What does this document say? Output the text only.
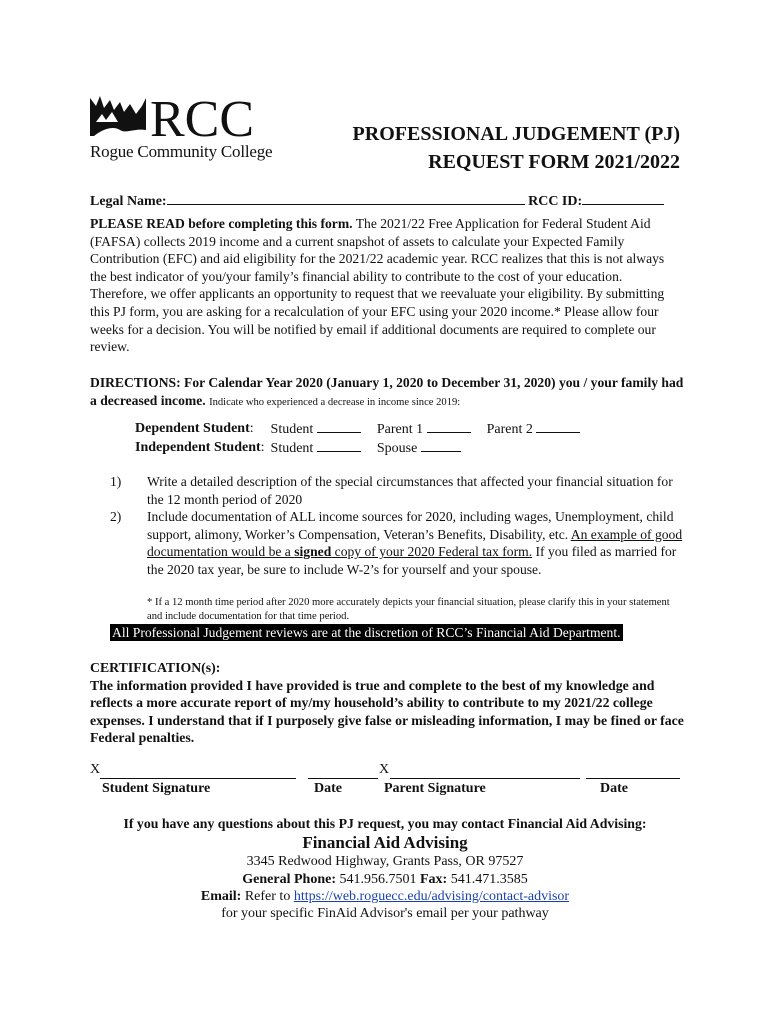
RCC
Rogue Community College
PROFESSIONAL JUDGEMENT (PJ)
REQUEST FORM 2021/2022
Legal Name:	RCC ID:
PLEASE READ before completing this form. The 2021/22 Free Application for Federal Student Aid (FAFSA) collects 2019 income and a current snapshot of assets to calculate your Expected Family Contribution (EFC) and aid eligibility for the 2021/22 academic year. RCC realizes that this is not always the best indicator of you/your family’s financial ability to contribute to the cost of your education. Therefore, we offer applicants an opportunity to request that we reevaluate your eligibility. By submitting this PJ form, you are asking for a recalculation of your EFC using your 2020 income.* Please allow four weeks for a decision. You will be notified by email if additional documents are required to complete our review.
DIRECTIONS: For Calendar Year 2020 (January 1, 2020 to December 31, 2020) you / your family had a decreased income. Indicate who experienced a decrease in income since 2019:
Dependent Student:	Student	Parent 1	Parent 2
Independent Student:	Student	Spouse	
1) Write a detailed description of the special circumstances that affected your financial situation for the 12 month period of 2020
2) Include documentation of ALL income sources for 2020, including wages, Unemployment, child support, alimony, Worker’s Compensation, Veteran’s Benefits, Disability, etc. An example of good documentation would be a signed copy of your 2020 Federal tax form. If you filed as married for the 2020 tax year, be sure to include W-2’s for yourself and your spouse.
* If a 12 month time period after 2020 more accurately depicts your financial situation, please clarify this in your statement and include documentation for that time period.
All Professional Judgement reviews are at the discretion of RCC’s Financial Aid Department.
CERTIFICATION(s):
The information provided I have provided is true and complete to the best of my knowledge and reflects a more accurate report of my/my household’s ability to contribute to my 2021/22 college expenses. I understand that if I purposely give false or misleading information, I may be fined or face Federal penalties.
X	X
Student Signature	Date	Parent Signature	Date
If you have any questions about this PJ request, you may contact Financial Aid Advising:
Financial Aid Advising
3345 Redwood Highway, Grants Pass, OR 97527
General Phone: 541.956.7501 Fax: 541.471.3585
Email: Refer to https://web.roguecc.edu/advising/contact-advisor
for your specific FinAid Advisor's email per your pathway
